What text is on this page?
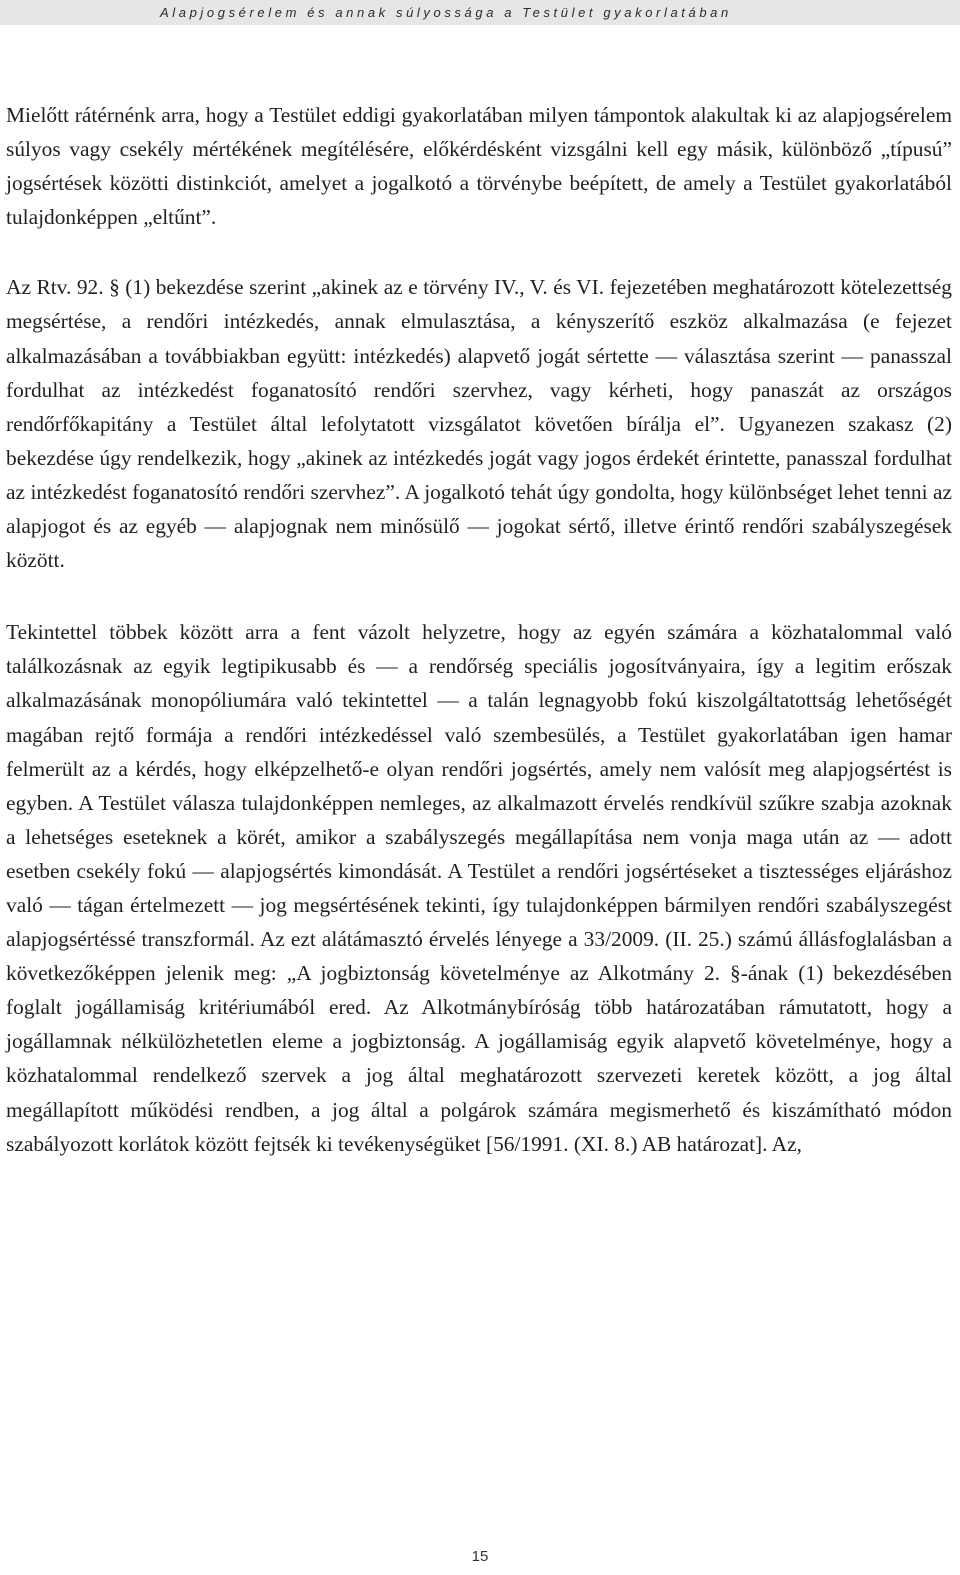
Alapjogsérelem és annak súlyossága a Testület gyakorlatában

Mielőtt rátérnénk arra, hogy a Testület eddigi gyakorlatában milyen támpontok alakultak ki az alapjogsérelem súlyos vagy csekély mértékének megítélésére, előkérdésként vizsgálni kell egy másik, különböző „típusú” jogsértések közötti distinkciót, amelyet a jogalkotó a törvénybe beépített, de amely a Testület gyakorlatából tulajdonképpen „eltűnt”.

Az Rtv. 92. § (1) bekezdése szerint „akinek az e törvény IV., V. és VI. fejezetében meghatározott kötelezettség megsértése, a rendőri intézkedés, annak elmulasztása, a kényszerítő eszköz alkalmazása (e fejezet alkalmazásában a továbbiakban együtt: intézkedés) alapvető jogát sértette — választása szerint — panasszal fordulhat az intézkedést foganatosító rendőri szervhez, vagy kérheti, hogy panaszát az országos rendőrfőkapitány a Testület által lefolytatott vizsgálatot követően bírálja el”. Ugyanezen szakasz (2) bekezdése úgy rendelkezik, hogy „akinek az intézkedés jogát vagy jogos érdekét érintette, panasszal fordulhat az intézkedést foganatosító rendőri szervhez”. A jogalkotó tehát úgy gondolta, hogy különbséget lehet tenni az alapjogot és az egyéb — alapjognak nem minősülő — jogokat sértő, illetve érintő rendőri szabályszegések között.

Tekintettel többek között arra a fent vázolt helyzetre, hogy az egyén számára a közhatalommal való találkozásnak az egyik legtipikusabb és — a rendőrség speciális jogosítványaira, így a legitim erőszak alkalmazásának monopóliumára való tekintettel — a talán legnagyobb fokú kiszolgáltatottság lehetőségét magában rejtő formája a rendőri intézkedéssel való szembesülés, a Testület gyakorlatában igen hamar felmerült az a kérdés, hogy elképzelhető-e olyan rendőri jogsértés, amely nem valósít meg alapjogsértést is egyben. A Testület válasza tulajdonképpen nemleges, az alkalmazott érvelés rendkívül szűkre szabja azoknak a lehetséges eseteknek a körét, amikor a szabályszegés megállapítása nem vonja maga után az — adott esetben csekély fokú — alapjogsértés kimondását. A Testület a rendőri jogsértéseket a tisztességes eljáráshoz való — tágan értelmezett — jog megsértésének tekinti, így tulajdonképpen bármilyen rendőri szabályszegést alapjogsértéssé transzformál. Az ezt alátámasztó érvelés lényege a 33/2009. (II. 25.) számú állásfoglalásban a következőképpen jelenik meg: „A jogbiztonság követelménye az Alkotmány 2. §-ának (1) bekezdésében foglalt jogállamiság kritériumából ered. Az Alkotmánybíróság több határozatában rámutatott, hogy a jogállamnak nélkülözhetetlen eleme a jogbiztonság. A jogállamiság egyik alapvető követelménye, hogy a közhatalommal rendelkező szervek a jog által meghatározott szervezeti keretek között, a jog által megállapított működési rendben, a jog által a polgárok számára megismerhető és kiszámítható módon szabályozott korlátok között fejtsék ki tevékenységüket [56/1991. (XI. 8.) AB határozat]. Az,

15
